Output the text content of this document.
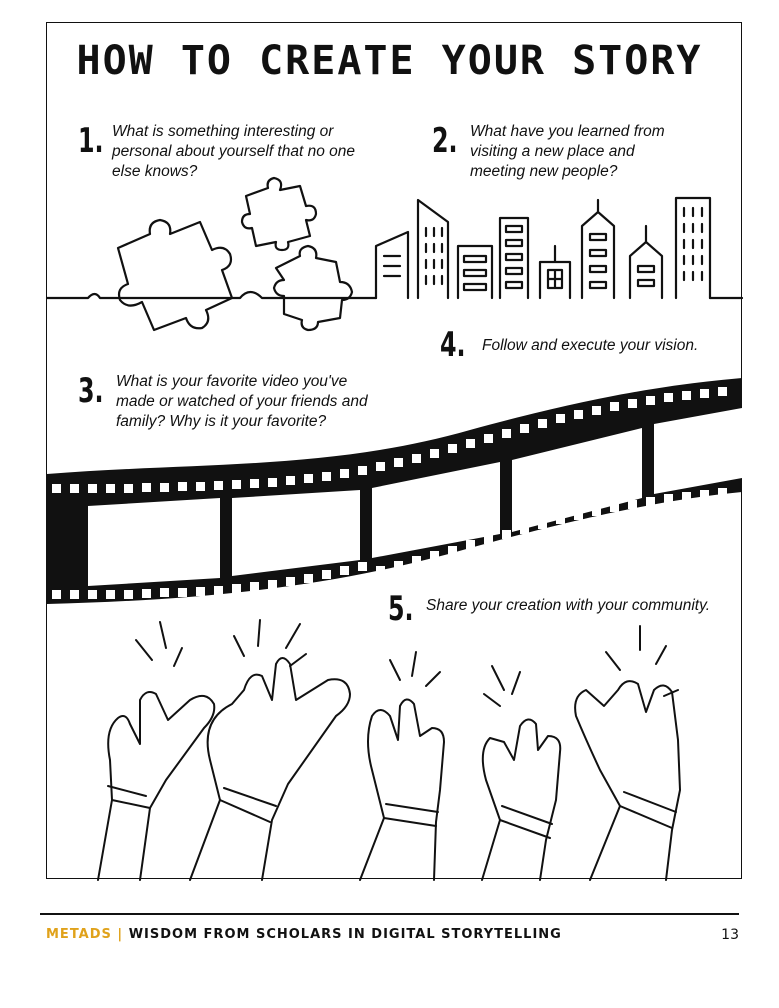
HOW TO CREATE YOUR STORY
1. What is something interesting or personal about yourself that no one else knows?
2. What have you learned from visiting a new place and meeting new people?
3. What is your favorite video you've made or watched of your friends and family? Why is it your favorite?
4. Follow and execute your vision.
5. Share your creation with your community.
METADS | WISDOM FROM SCHOLARS IN DIGITAL STORYTELLING	13
